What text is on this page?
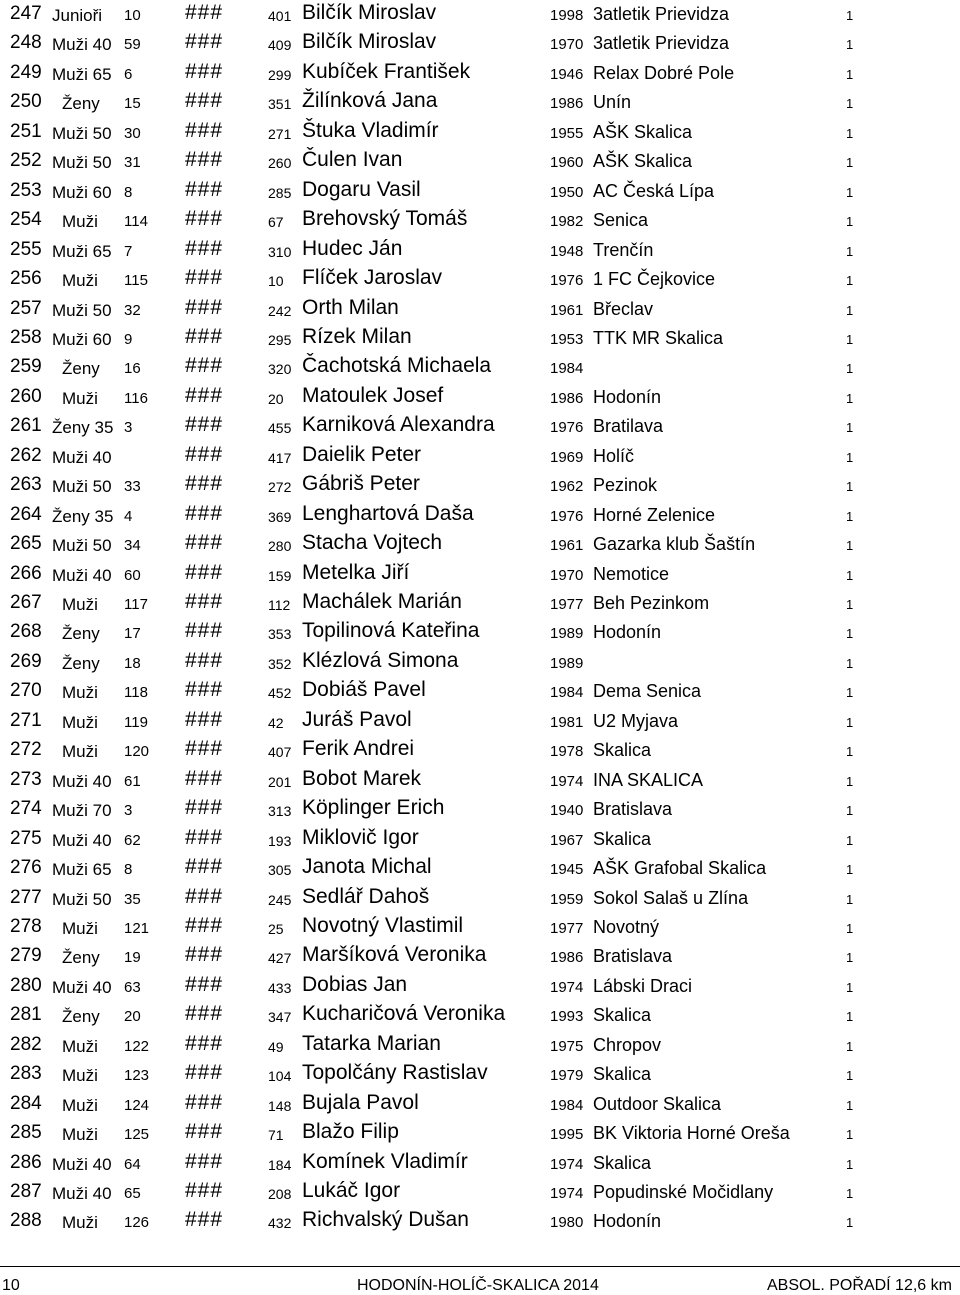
247 Junioři 10 ###	401 Bilčík Miroslav	1998 3atletik Prievidza	1
248 Muži 40 59 ###	409 Bilčík Miroslav	1970 3atletik Prievidza	1
249 Muži 65 6	###	299 Kubíček František	1946 Relax Dobré Pole	1
250 Ženy 15 ###	351 Žilínková Jana	1986 Unín	1
251 Muži 50 30 ###	271 Štuka Vladimír	1955 AŠK Skalica	1
252 Muži 50 31 ###	260 Čulen Ivan	1960 AŠK Skalica	1
253 Muži 60 8	###	285 Dogaru Vasil	1950 AC Česká Lípa	1
254 Muži 114 ###	67 Brehovský Tomáš	1982 Senica	1
255 Muži 65 7	###	310 Hudec Ján	1948 Trenčín	1
256 Muži 115 ###	10 Flíček Jaroslav	1976 1 FC Čejkovice	1
257 Muži 50 32 ###	242 Orth Milan	1961 Břeclav	1
258 Muži 60 9	###	295 Rízek Milan	1953 TTK MR Skalica	1
259 Ženy 16 ###	320 Čachotská Michaela	1984	1
260 Muži 116 ###	20 Matoulek Josef	1986 Hodonín	1
261 Ženy 35 3	###	455 Karniková Alexandra	1976 Bratilava	1
262 Muži 40	###	417 Daielik Peter	1969 Holíč	1
263 Muži 50 33 ###	272 Gábriš Peter	1962 Pezinok	1
264 Ženy 35 4	###	369 Lenghartová Daša	1976 Horné Zelenice	1
265 Muži 50 34 ###	280 Stacha Vojtech	1961 Gazarka klub Šaštín	1
266 Muži 40 60 ###	159 Metelka Jiří	1970 Nemotice	1
267 Muži 117 ###	112 Machálek Marián	1977 Beh Pezinkom	1
268 Ženy 17 ###	353 Topilinová Kateřina	1989 Hodonín	1
269 Ženy 18 ###	352 Klézlová Simona	1989	1
270 Muži 118 ###	452 Dobiáš Pavel	1984 Dema Senica	1
271 Muži 119 ###	42 Juráš Pavol	1981 U2 Myjava	1
272 Muži 120 ###	407 Ferik Andrei	1978 Skalica	1
273 Muži 40 61 ###	201 Bobot Marek	1974 INA SKALICA	1
274 Muži 70 3	###	313 Köplinger Erich	1940 Bratislava	1
275 Muži 40 62 ###	193 Miklovič Igor	1967 Skalica	1
276 Muži 65 8	###	305 Janota Michal	1945 AŠK Grafobal Skalica	1
277 Muži 50 35 ###	245 Sedlář Dahoš	1959 Sokol Salaš u Zlína	1
278 Muži 121 ###	25 Novotný Vlastimil	1977 Novotný	1
279 Ženy 19 ###	427 Maršíková Veronika	1986 Bratislava	1
280 Muži 40 63 ###	433 Dobias Jan	1974 Lábski Draci	1
281 Ženy 20 ###	347 Kucharičová Veronika	1993 Skalica	1
282 Muži 122 ###	49 Tatarka Marian	1975 Chropov	1
283 Muži 123 ###	104 Topolčány Rastislav	1979 Skalica	1
284 Muži 124 ###	148 Bujala Pavol	1984 Outdoor Skalica	1
285 Muži 125 ###	71 Blažo Filip	1995 BK Viktoria Horné Oreša	1
286 Muži 40 64 ###	184 Komínek Vladimír	1974 Skalica	1
287 Muži 40 65 ###	208 Lukáč Igor	1974 Popudinské Močidlany	1
288 Muži 126 ###	432 Richvalský Dušan	1980 Hodonín	1
10	HODONÍN-HOLÍČ-SKALICA 2014	ABSOL. POŘADÍ 12,6 km
